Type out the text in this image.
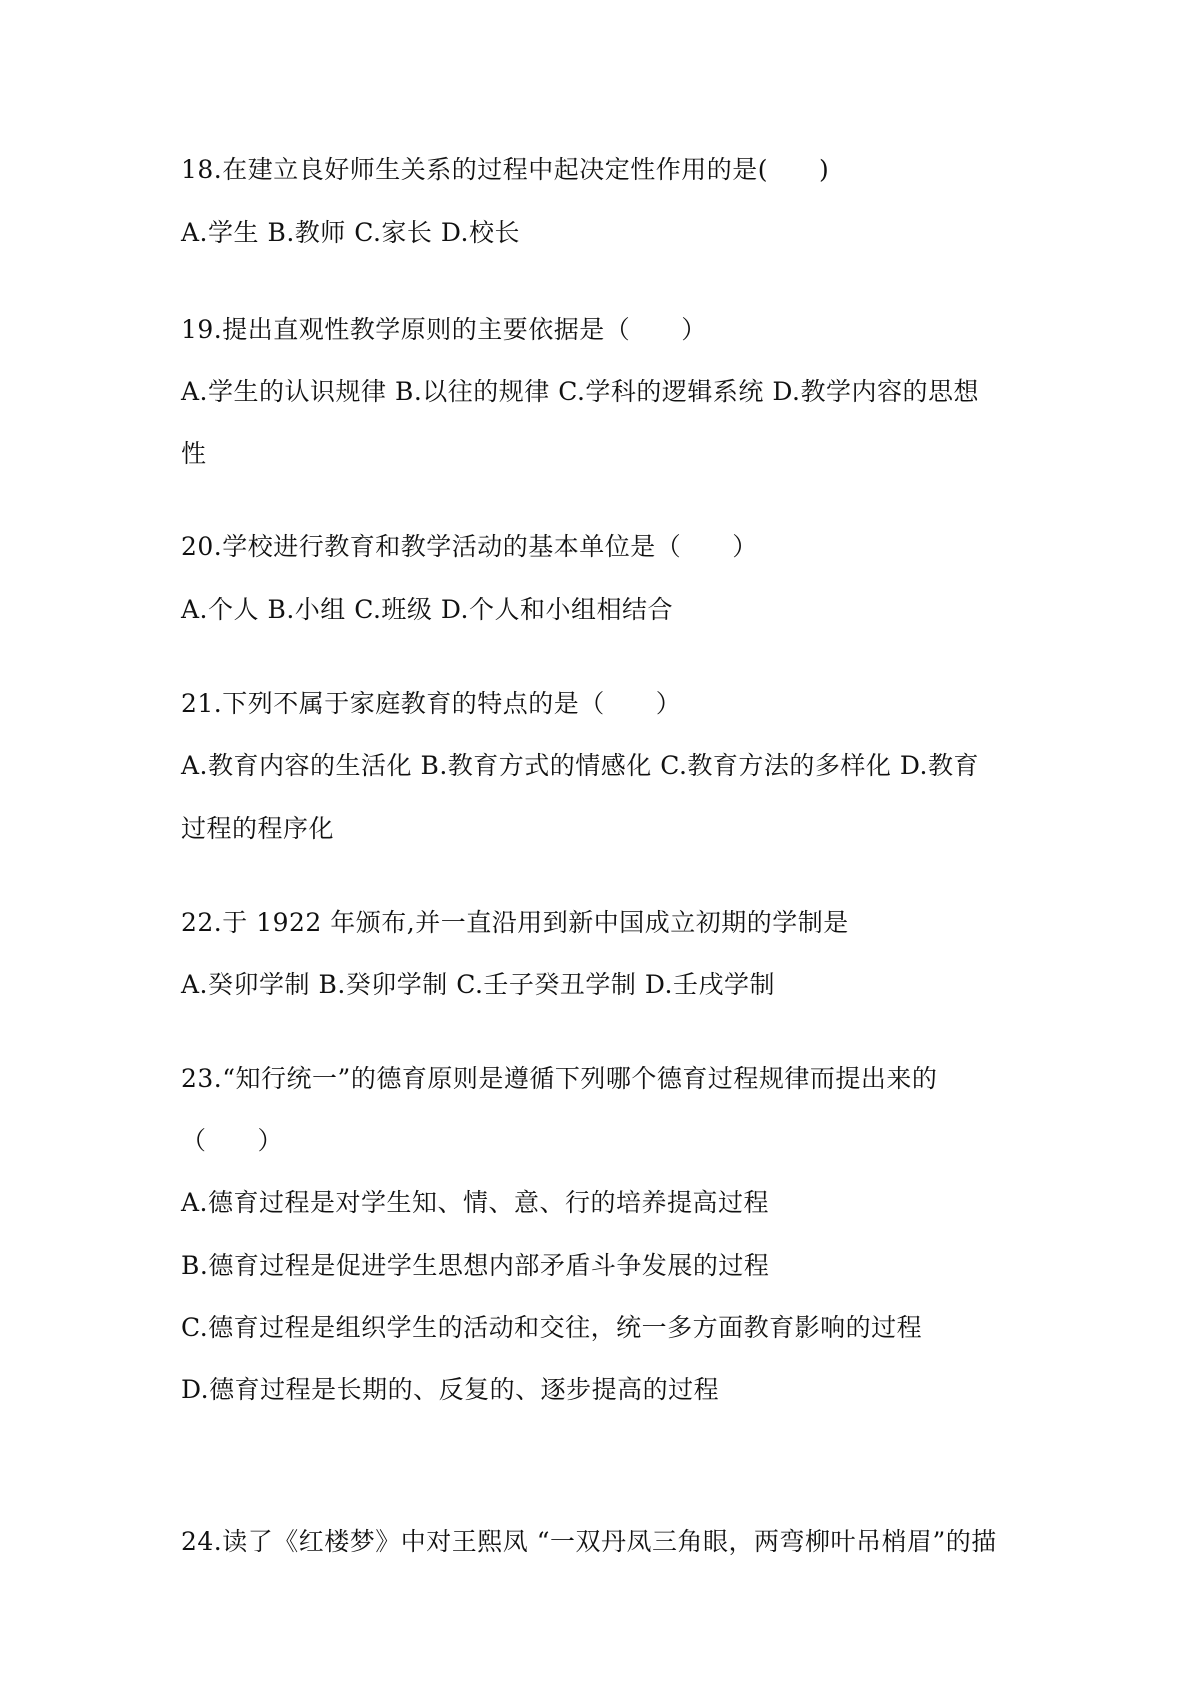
18.在建立良好师生关系的过程中起决定性作用的是(　　)
A.学生 B.教师 C.家长 D.校长
19.提出直观性教学原则的主要依据是（　　）
A.学生的认识规律 B.以往的规律 C.学科的逻辑系统 D.教学内容的思想
性
20.学校进行教育和教学活动的基本单位是（　　）
A.个人 B.小组 C.班级 D.个人和小组相结合
21.下列不属于家庭教育的特点的是（　　）
A.教育内容的生活化 B.教育方式的情感化 C.教育方法的多样化 D.教育
过程的程序化
22.于 1922 年颁布,并一直沿用到新中国成立初期的学制是
A.癸卯学制 B.癸卯学制 C.壬子癸丑学制 D.壬戌学制
23.“知行统一”的德育原则是遵循下列哪个德育过程规律而提出来的
（　　）
A.德育过程是对学生知、情、意、行的培养提高过程
B.德育过程是促进学生思想内部矛盾斗争发展的过程
C.德育过程是组织学生的活动和交往，统一多方面教育影响的过程
D.德育过程是长期的、反复的、逐步提高的过程
24.读了《红楼梦》中对王熙凤 “一双丹凤三角眼，两弯柳叶吊梢眉”的描
